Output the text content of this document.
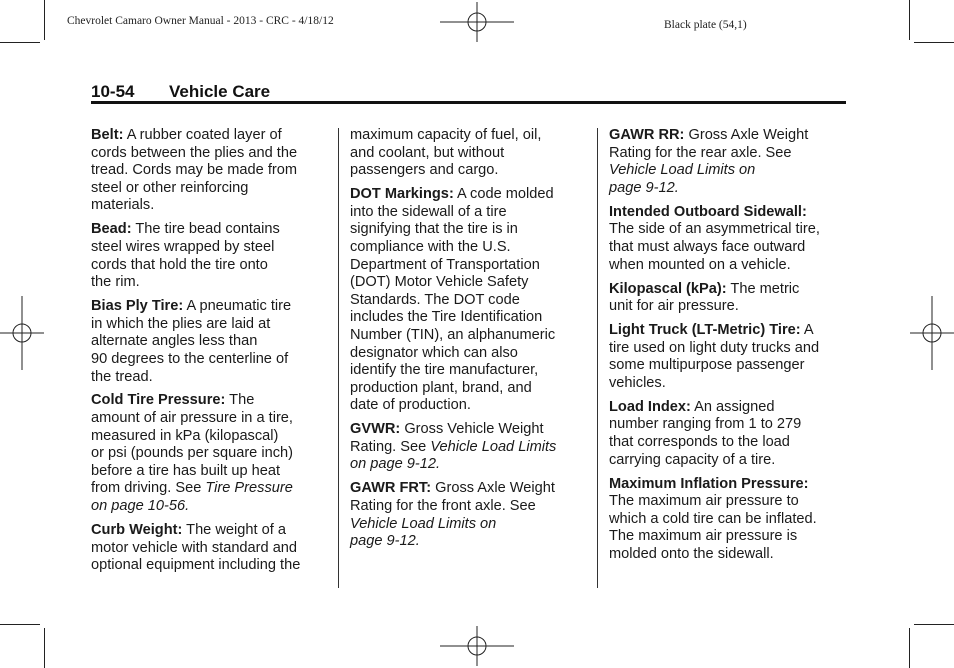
Chevrolet Camaro Owner Manual - 2013 - CRC - 4/18/12	Black plate (54,1)
10-54 Vehicle Care

Belt: A rubber coated layer of
cords between the plies and the
tread. Cords may be made from
steel or other reinforcing
materials.

Bead: The tire bead contains
steel wires wrapped by steel
cords that hold the tire onto
the rim.

Bias Ply Tire: A pneumatic tire
in which the plies are laid at
alternate angles less than
90 degrees to the centerline of
the tread.

Cold Tire Pressure: The
amount of air pressure in a tire,
measured in kPa (kilopascal)
or psi (pounds per square inch)
before a tire has built up heat
from driving. See Tire Pressure
on page 10-56.

Curb Weight: The weight of a
motor vehicle with standard and
optional equipment including the

maximum capacity of fuel, oil,
and coolant, but without
passengers and cargo.

DOT Markings: A code molded
into the sidewall of a tire
signifying that the tire is in
compliance with the U.S.
Department of Transportation
(DOT) Motor Vehicle Safety
Standards. The DOT code
includes the Tire Identification
Number (TIN), an alphanumeric
designator which can also
identify the tire manufacturer,
production plant, brand, and
date of production.

GVWR: Gross Vehicle Weight
Rating. See Vehicle Load Limits
on page 9-12.

GAWR FRT: Gross Axle Weight
Rating for the front axle. See
Vehicle Load Limits on
page 9-12.

GAWR RR: Gross Axle Weight
Rating for the rear axle. See
Vehicle Load Limits on
page 9-12.

Intended Outboard Sidewall:
The side of an asymmetrical tire,
that must always face outward
when mounted on a vehicle.

Kilopascal (kPa): The metric
unit for air pressure.

Light Truck (LT-Metric) Tire: A
tire used on light duty trucks and
some multipurpose passenger
vehicles.

Load Index: An assigned
number ranging from 1 to 279
that corresponds to the load
carrying capacity of a tire.

Maximum Inflation Pressure:
The maximum air pressure to
which a cold tire can be inflated.
The maximum air pressure is
molded onto the sidewall.
